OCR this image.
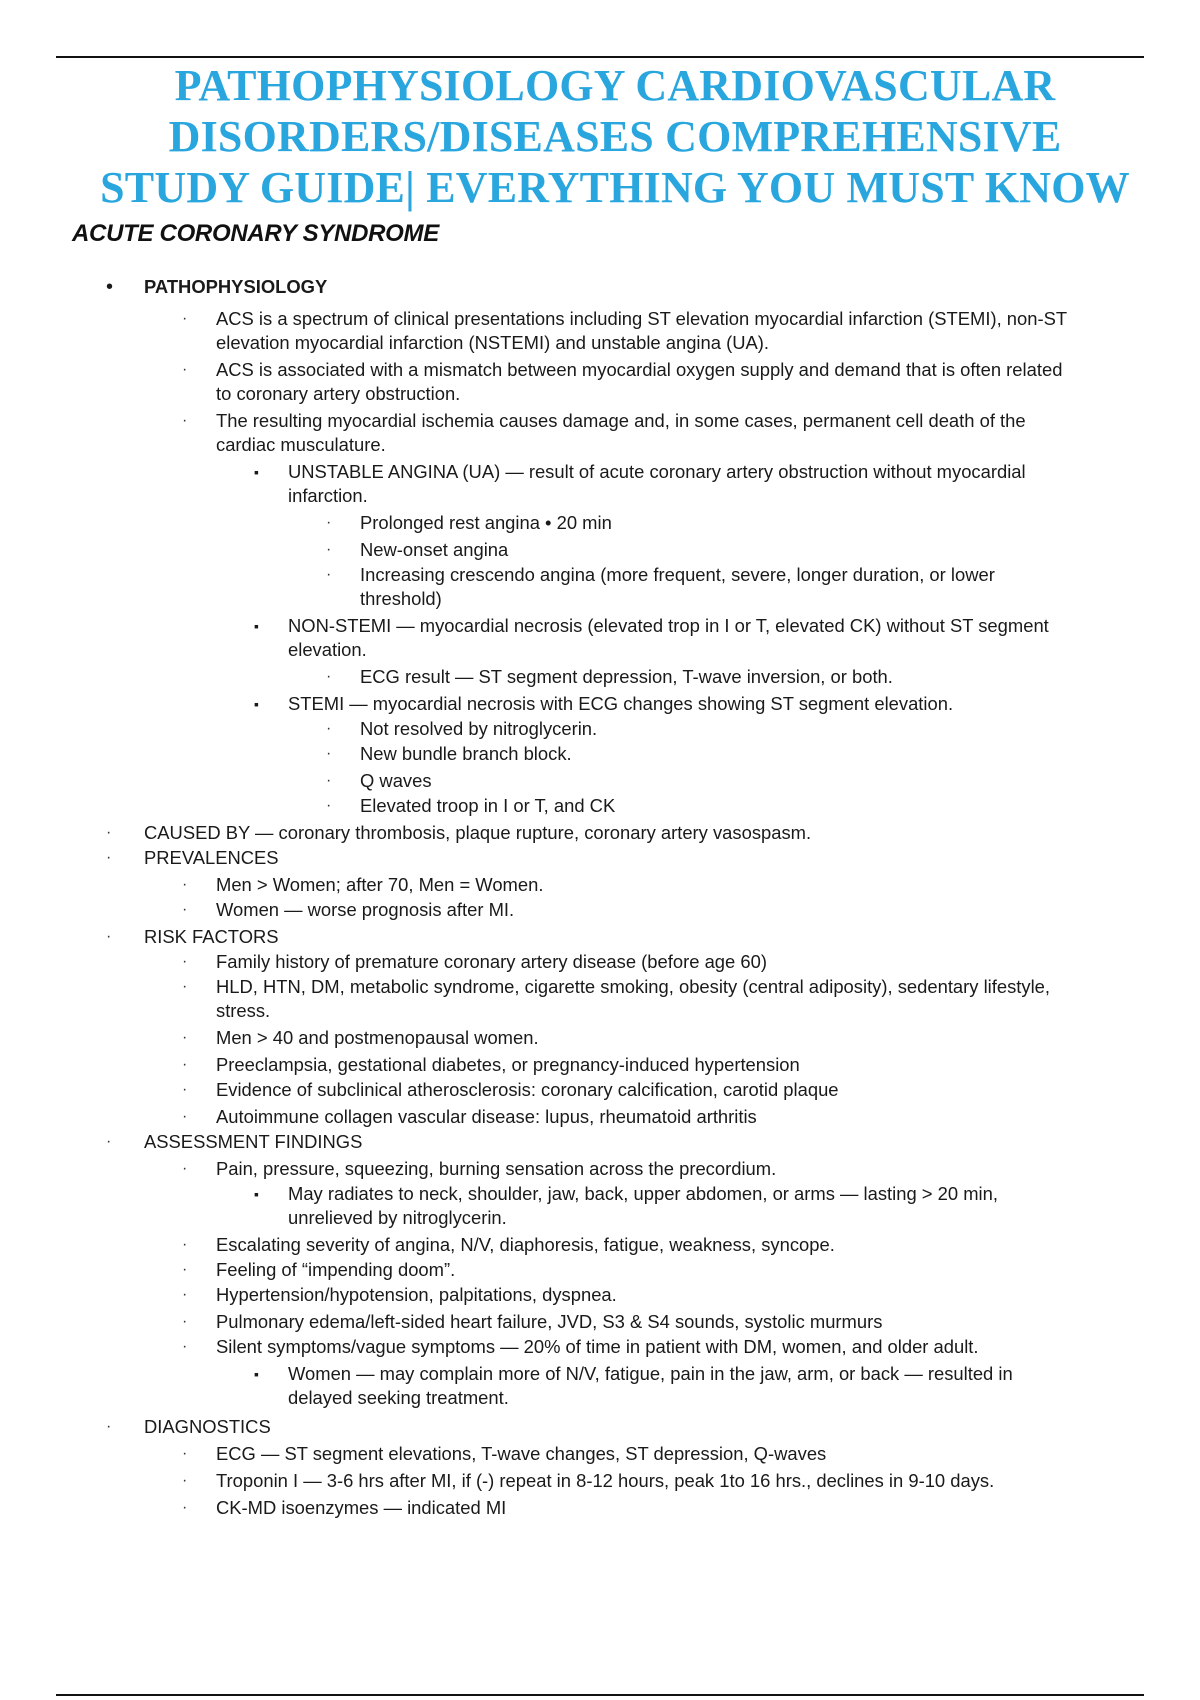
PATHOPHYSIOLOGY CARDIOVASCULAR
DISORDERS/DISEASES COMPREHENSIVE
STUDY GUIDE| EVERYTHING YOU MUST KNOW
ACUTE CORONARY SYNDROME
• PATHOPHYSIOLOGY
· ACS is a spectrum of clinical presentations including ST elevation myocardial infarction (STEMI), non-ST
elevation myocardial infarction (NSTEMI) and unstable angina (UA).
· ACS is associated with a mismatch between myocardial oxygen supply and demand that is often related
to coronary artery obstruction.
· The resulting myocardial ischemia causes damage and, in some cases, permanent cell death of the
cardiac musculature.
▪ UNSTABLE ANGINA (UA) — result of acute coronary artery obstruction without myocardial
infarction.
· Prolonged rest angina • 20 min
· New-onset angina
· Increasing crescendo angina (more frequent, severe, longer duration, or lower
threshold)
▪ NON-STEMI — myocardial necrosis (elevated trop in I or T, elevated CK) without ST segment
elevation.
· ECG result — ST segment depression, T-wave inversion, or both.
▪ STEMI — myocardial necrosis with ECG changes showing ST segment elevation.
· Not resolved by nitroglycerin.
· New bundle branch block.
· Q waves
· Elevated troop in I or T, and CK
· CAUSED BY — coronary thrombosis, plaque rupture, coronary artery vasospasm.
· PREVALENCES
· Men > Women; after 70, Men = Women.
· Women — worse prognosis after MI.
· RISK FACTORS
· Family history of premature coronary artery disease (before age 60)
· HLD, HTN, DM, metabolic syndrome, cigarette smoking, obesity (central adiposity), sedentary lifestyle,
stress.
· Men > 40 and postmenopausal women.
· Preeclampsia, gestational diabetes, or pregnancy-induced hypertension
· Evidence of subclinical atherosclerosis: coronary calcification, carotid plaque
· Autoimmune collagen vascular disease: lupus, rheumatoid arthritis
· ASSESSMENT FINDINGS
· Pain, pressure, squeezing, burning sensation across the precordium.
▪ May radiates to neck, shoulder, jaw, back, upper abdomen, or arms — lasting > 20 min,
unrelieved by nitroglycerin.
· Escalating severity of angina, N/V, diaphoresis, fatigue, weakness, syncope.
· Feeling of “impending doom”.
· Hypertension/hypotension, palpitations, dyspnea.
· Pulmonary edema/left-sided heart failure, JVD, S3 & S4 sounds, systolic murmurs
· Silent symptoms/vague symptoms — 20% of time in patient with DM, women, and older adult.
▪ Women — may complain more of N/V, fatigue, pain in the jaw, arm, or back — resulted in
delayed seeking treatment.
· DIAGNOSTICS
· ECG — ST segment elevations, T-wave changes, ST depression, Q-waves
· Troponin I — 3-6 hrs after MI, if (-) repeat in 8-12 hours, peak 1to 16 hrs., declines in 9-10 days.
· CK-MD isoenzymes — indicated MI
